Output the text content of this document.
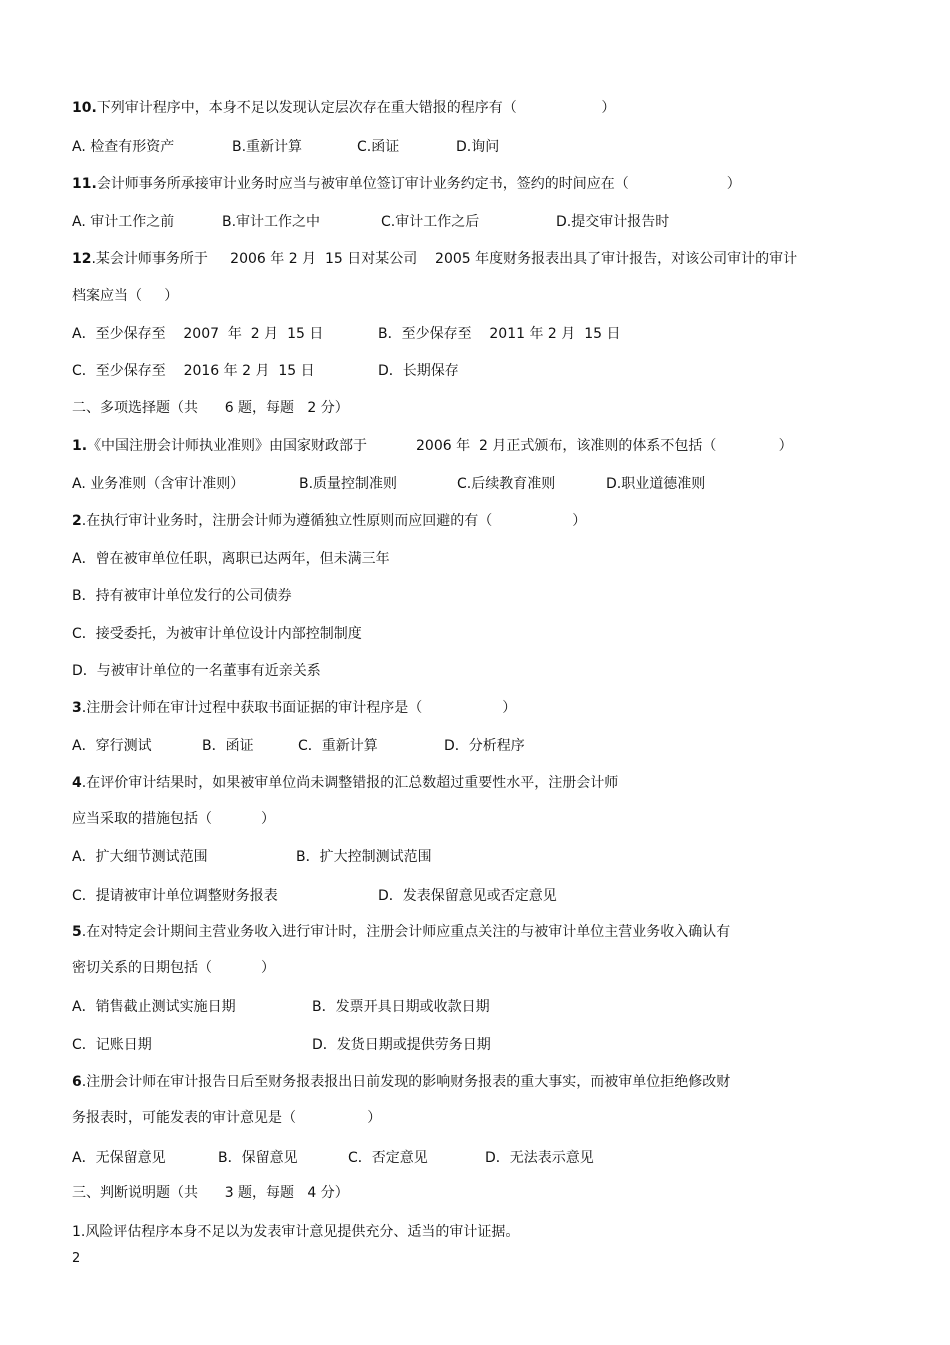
10.下列审计程序中，本身不足以发现认定层次存在重大错报的程序有（                   ）
A. 检查有形资产	B.重新计算	C.函证	D.询问
11.会计师事务所承接审计业务时应当与被审单位签订审计业务约定书，签约的时间应在（                      ）
A. 审计工作之前	B.审计工作之中	C.审计工作之后	D.提交审计报告时
12.某会计师事务所于     2006 年 2 月  15 日对某公司    2005 年度财务报表出具了审计报告，对该公司审计的审计
档案应当（     ）
A．至少保存至    2007  年  2 月  15 日	B．至少保存至    2011 年 2 月  15 日
C．至少保存至    2016 年 2 月  15 日	D．长期保存
二、多项选择题（共      6 题，每题   2 分）
1.《中国注册会计师执业准则》由国家财政部于           2006 年  2 月正式颁布，该准则的体系不包括（              ）
A. 业务准则（含审计准则）	B.质量控制准则	C.后续教育准则	D.职业道德准则
2.在执行审计业务时，注册会计师为遵循独立性原则而应回避的有（                  ）
A．曾在被审单位任职，离职已达两年，但未满三年
B．持有被审计单位发行的公司债券
C．接受委托，为被审计单位设计内部控制制度
D．与被审计单位的一名董事有近亲关系
3.注册会计师在审计过程中获取书面证据的审计程序是（                  ）
A．穿行测试	B．函证	C．重新计算	D．分析程序
4.在评价审计结果时，如果被审单位尚未调整错报的汇总数超过重要性水平，注册会计师
应当采取的措施包括（           ）
A．扩大细节测试范围	B．扩大控制测试范围
C．提请被审计单位调整财务报表	D．发表保留意见或否定意见
5.在对特定会计期间主营业务收入进行审计时，注册会计师应重点关注的与被审计单位主营业务收入确认有
密切关系的日期包括（           ）
A．销售截止测试实施日期	B．发票开具日期或收款日期
C．记账日期	D．发货日期或提供劳务日期
6.注册会计师在审计报告日后至财务报表报出日前发现的影响财务报表的重大事实，而被审单位拒绝修改财
务报表时，可能发表的审计意见是（                ）
A．无保留意见	B．保留意见	C．否定意见	D．无法表示意见
三、判断说明题（共      3 题，每题   4 分）
1.风险评估程序本身不足以为发表审计意见提供充分、适当的审计证据。
2
